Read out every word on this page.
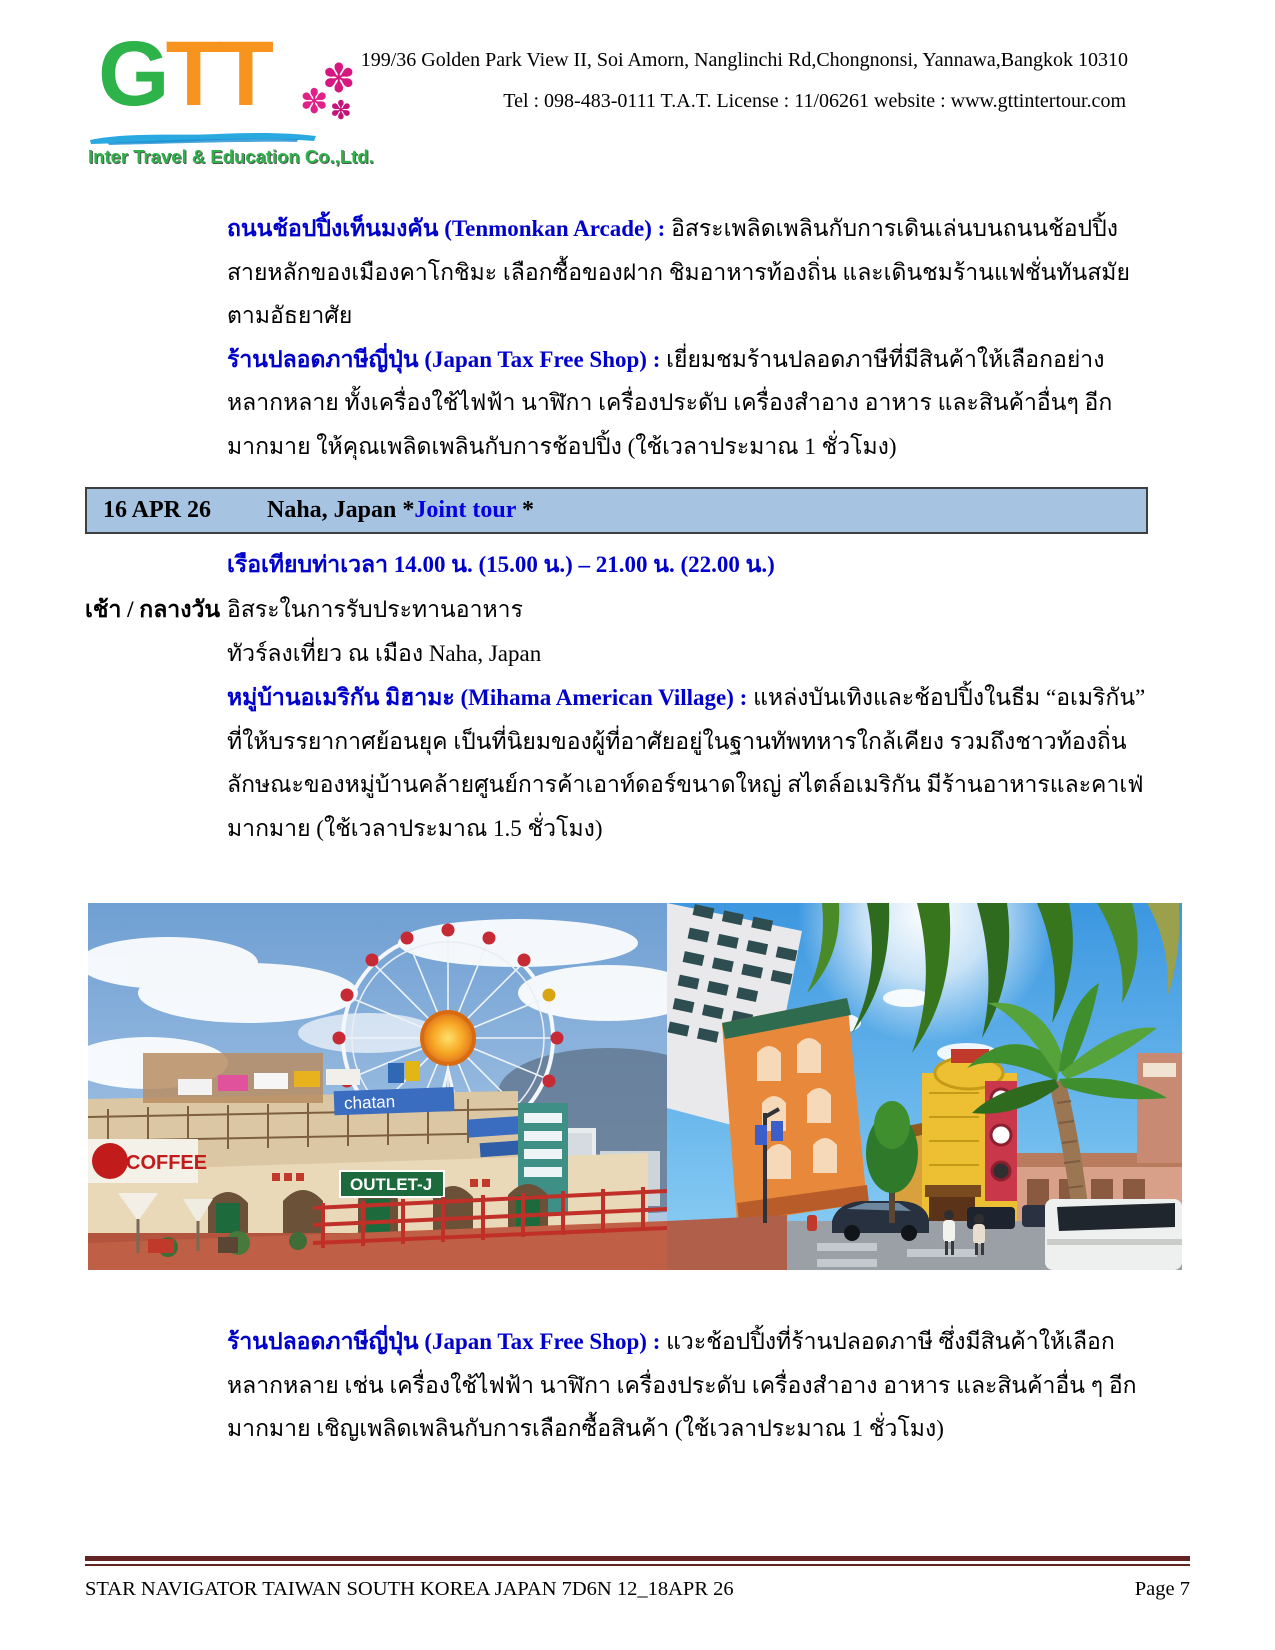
GTT ✽
✽ ✽
Inter Travel & Education Co.,Ltd.
199/36 Golden Park View II, Soi Amorn, Nanglinchi Rd,Chongnonsi, Yannawa,Bangkok 10310
Tel : 098-483-0111 T.A.T. License : 11/06261 website : www.gttintertour.com
ถนนช้อปปิ้งเท็นมงคัน (Tenmonkan Arcade) : อิสระเพลิดเพลินกับการเดินเล่นบนถนนช้อปปิ้งสายหลักของเมืองคาโกชิมะ เลือกซื้อของฝาก ชิมอาหารท้องถิ่น และเดินชมร้านแฟชั่นทันสมัยตามอัธยาศัย
ร้านปลอดภาษีญี่ปุ่น (Japan Tax Free Shop) : เยี่ยมชมร้านปลอดภาษีที่มีสินค้าให้เลือกอย่างหลากหลาย ทั้งเครื่องใช้ไฟฟ้า นาฬิกา เครื่องประดับ เครื่องสำอาง อาหาร และสินค้าอื่นๆ อีกมากมาย ให้คุณเพลิดเพลินกับการช้อปปิ้ง (ใช้เวลาประมาณ 1 ชั่วโมง)
16 APR 26	Naha, Japan *Joint tour *
เรือเทียบท่าเวลา 14.00 น. (15.00 น.) – 21.00 น. (22.00 น.)
เช้า / กลางวัน อิสระในการรับประทานอาหาร
ทัวร์ลงเที่ยว ณ เมือง Naha, Japan
หมู่บ้านอเมริกัน มิฮามะ (Mihama American Village) : แหล่งบันเทิงและช้อปปิ้งในธีม “อเมริกัน” ที่ให้บรรยากาศย้อนยุค เป็นที่นิยมของผู้ที่อาศัยอยู่ในฐานทัพทหารใกล้เคียง รวมถึงชาวท้องถิ่น ลักษณะของหมู่บ้านคล้ายศูนย์การค้าเอาท์ดอร์ขนาดใหญ่ สไตล์อเมริกัน มีร้านอาหารและคาเฟ่มากมาย (ใช้เวลาประมาณ 1.5 ชั่วโมง)
chatan
COFFEE
OUTLET-J
ร้านปลอดภาษีญี่ปุ่น (Japan Tax Free Shop) : แวะช้อปปิ้งที่ร้านปลอดภาษี ซึ่งมีสินค้าให้เลือกหลากหลาย เช่น เครื่องใช้ไฟฟ้า นาฬิกา เครื่องประดับ เครื่องสำอาง อาหาร และสินค้าอื่น ๆ อีกมากมาย เชิญเพลิดเพลินกับการเลือกซื้อสินค้า (ใช้เวลาประมาณ 1 ชั่วโมง)
STAR NAVIGATOR TAIWAN SOUTH KOREA JAPAN 7D6N 12_18APR 26	Page 7
